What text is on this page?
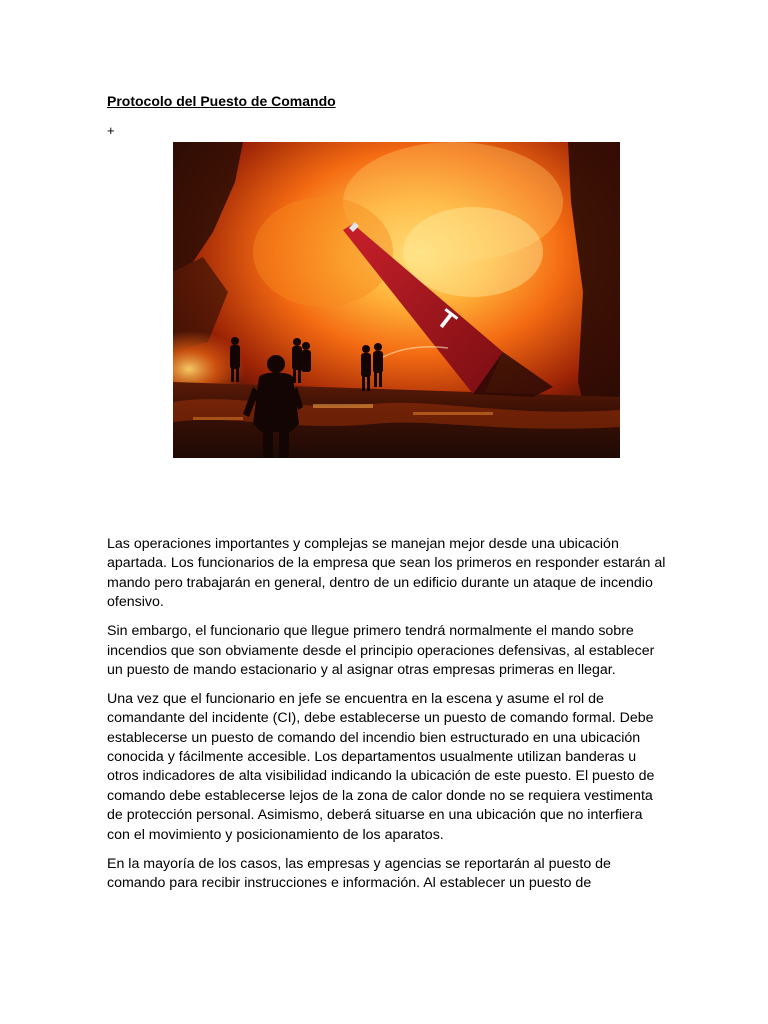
Protocolo del Puesto de Comando
+
T

Las operaciones importantes y complejas se manejan mejor desde una ubicación apartada. Los funcionarios de la empresa que sean los primeros en responder estarán al mando pero trabajarán en general, dentro de un edificio durante un ataque de incendio ofensivo.

Sin embargo, el funcionario que llegue primero tendrá normalmente el mando sobre incendios que son obviamente desde el principio operaciones defensivas, al establecer un puesto de mando estacionario y al asignar otras empresas primeras en llegar.

Una vez que el funcionario en jefe se encuentra en la escena y asume el rol de comandante del incidente (CI), debe establecerse un puesto de comando formal. Debe establecerse un puesto de comando del incendio bien estructurado en una ubicación conocida y fácilmente accesible. Los departamentos usualmente utilizan banderas u otros indicadores de alta visibilidad indicando la ubicación de este puesto. El puesto de comando debe establecerse lejos de la zona de calor donde no se requiera vestimenta de protección personal. Asimismo, deberá situarse en una ubicación que no interfiera con el movimiento y posicionamiento de los aparatos.

En la mayoría de los casos, las empresas y agencias se reportarán al puesto de comando para recibir instrucciones e información. Al establecer un puesto de
